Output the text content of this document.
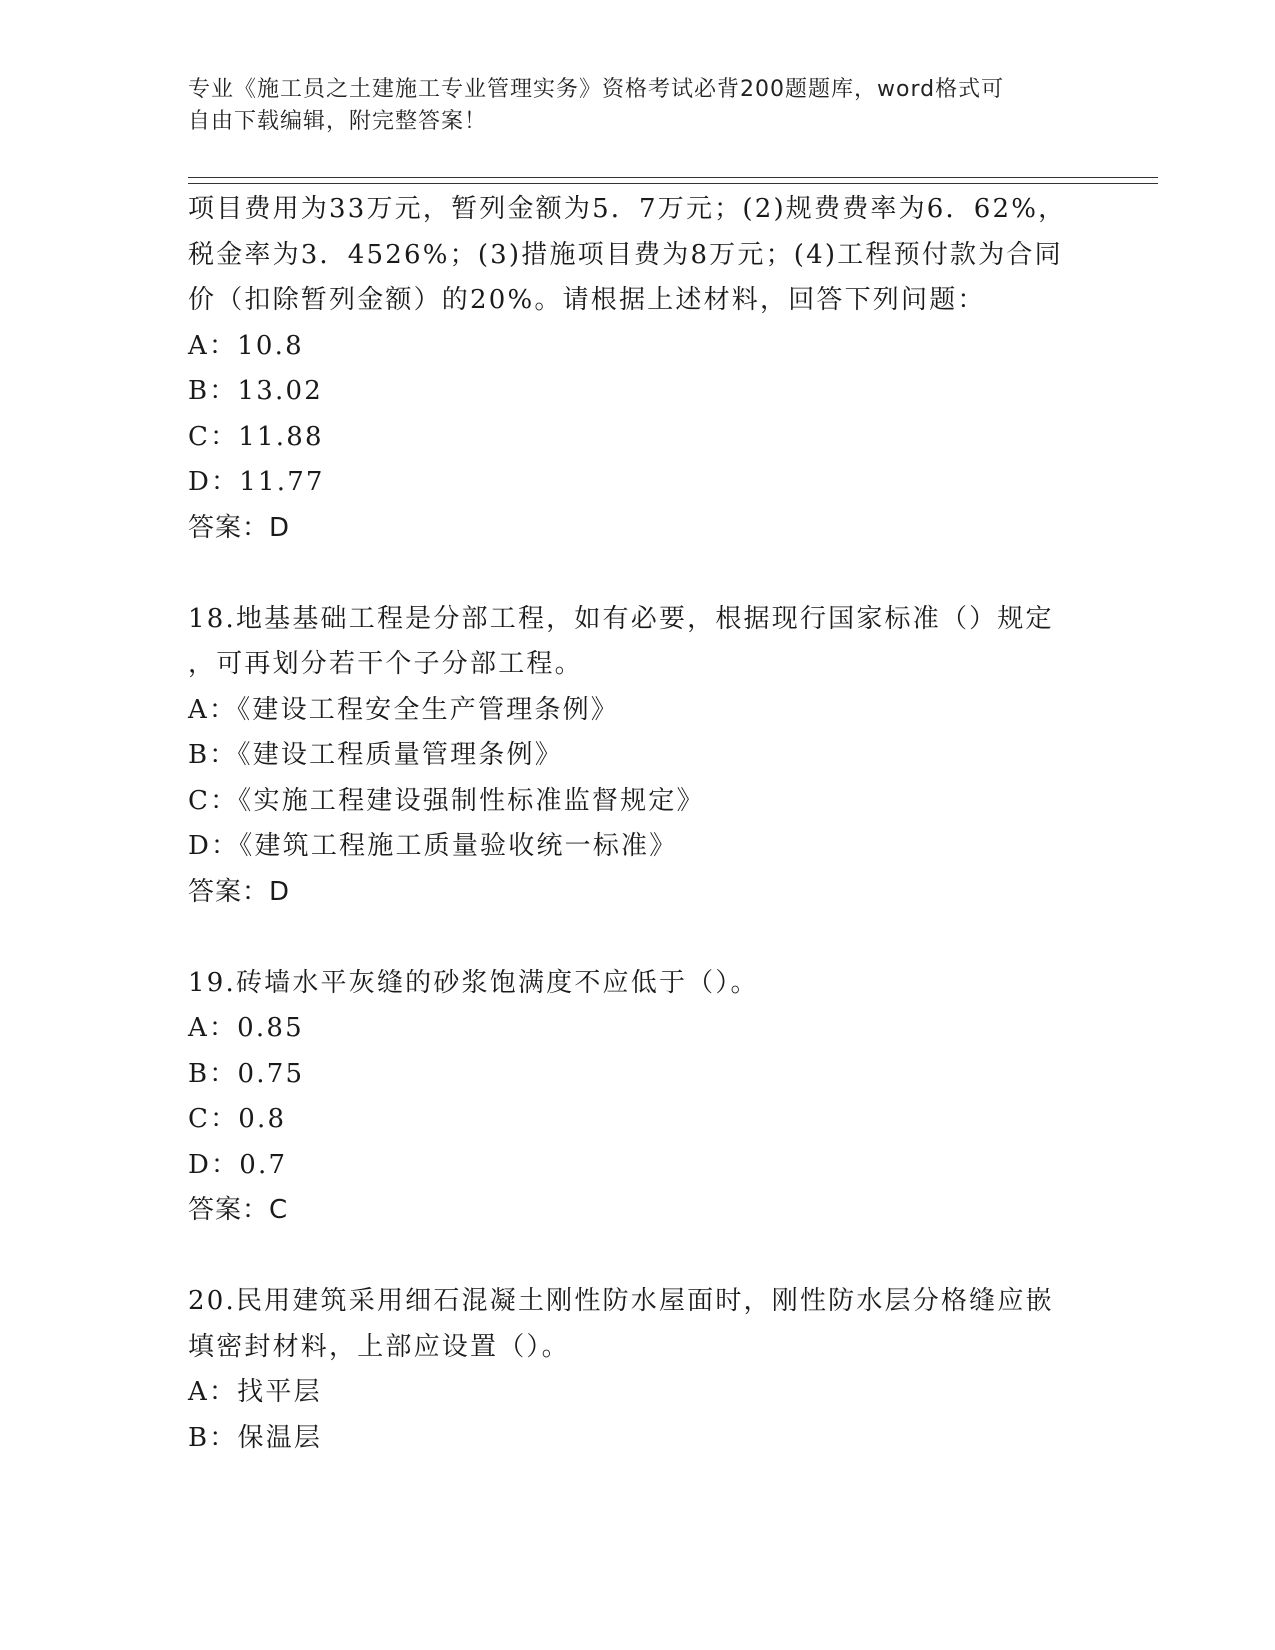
专业《施工员之土建施工专业管理实务》资格考试必背200题题库，word格式可
自由下载编辑，附完整答案！
项目费用为33万元，暂列金额为5．7万元；(2)规费费率为6．62%，
税金率为3．4526%；(3)措施项目费为8万元；(4)工程预付款为合同
价（扣除暂列金额）的20%。请根据上述材料，回答下列问题：
A：10.8
B：13.02
C：11.88
D：11.77
答案：D
18.地基基础工程是分部工程，如有必要，根据现行国家标准（）规定
，可再划分若干个子分部工程。
A：《建设工程安全生产管理条例》
B：《建设工程质量管理条例》
C：《实施工程建设强制性标准监督规定》
D：《建筑工程施工质量验收统一标准》
答案：D
19.砖墙水平灰缝的砂浆饱满度不应低于（）。
A：0.85
B：0.75
C：0.8
D：0.7
答案：C
20.民用建筑采用细石混凝土刚性防水屋面时，刚性防水层分格缝应嵌
填密封材料，上部应设置（）。
A：找平层
B：保温层
